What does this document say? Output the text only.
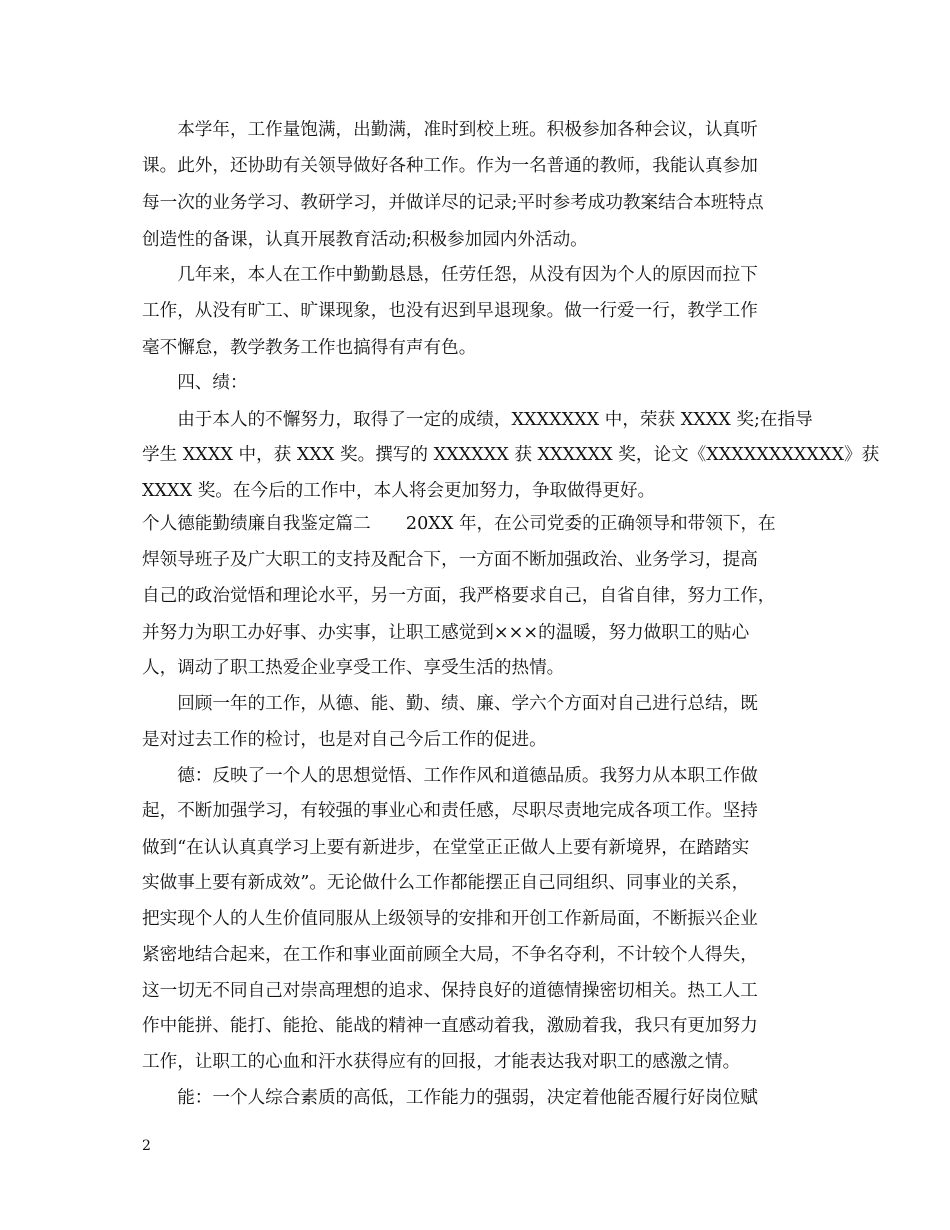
　　本学年，工作量饱满，出勤满，准时到校上班。积极参加各种会议，认真听
课。此外，还协助有关领导做好各种工作。作为一名普通的教师，我能认真参加
每一次的业务学习、教研学习，并做详尽的记录;平时参考成功教案结合本班特点
创造性的备课，认真开展教育活动;积极参加园内外活动。
　　几年来，本人在工作中勤勤恳恳，任劳任怨，从没有因为个人的原因而拉下
工作，从没有旷工、旷课现象，也没有迟到早退现象。做一行爱一行，教学工作
毫不懈怠，教学教务工作也搞得有声有色。
　　四、绩：
　　由于本人的不懈努力，取得了一定的成绩，XXXXXXX 中，荣获 XXXX 奖;在指导
学生 XXXX 中，获 XXX 奖。撰写的 XXXXXX 获 XXXXXX 奖，论文《XXXXXXXXXXX》获
XXXX 奖。在今后的工作中，本人将会更加努力，争取做得更好。
个人德能勤绩廉自我鉴定篇二　　20XX 年，在公司党委的正确领导和带领下，在
焊领导班子及广大职工的支持及配合下，一方面不断加强政治、业务学习，提高
自己的政治觉悟和理论水平，另一方面，我严格要求自己，自省自律，努力工作，
并努力为职工办好事、办实事，让职工感觉到×××的温暖，努力做职工的贴心
人，调动了职工热爱企业享受工作、享受生活的热情。
　　回顾一年的工作，从德、能、勤、绩、廉、学六个方面对自己进行总结，既
是对过去工作的检讨，也是对自己今后工作的促进。
　　德：反映了一个人的思想觉悟、工作作风和道德品质。我努力从本职工作做
起，不断加强学习，有较强的事业心和责任感，尽职尽责地完成各项工作。坚持
做到“在认认真真学习上要有新进步，在堂堂正正做人上要有新境界，在踏踏实
实做事上要有新成效”。无论做什么工作都能摆正自己同组织、同事业的关系，
把实现个人的人生价值同服从上级领导的安排和开创工作新局面，不断振兴企业
紧密地结合起来，在工作和事业面前顾全大局，不争名夺利，不计较个人得失，
这一切无不同自己对崇高理想的追求、保持良好的道德情操密切相关。热工人工
作中能拼、能打、能抢、能战的精神一直感动着我，激励着我，我只有更加努力
工作，让职工的心血和汗水获得应有的回报，才能表达我对职工的感激之情。
　　能：一个人综合素质的高低，工作能力的强弱，决定着他能否履行好岗位赋
2
